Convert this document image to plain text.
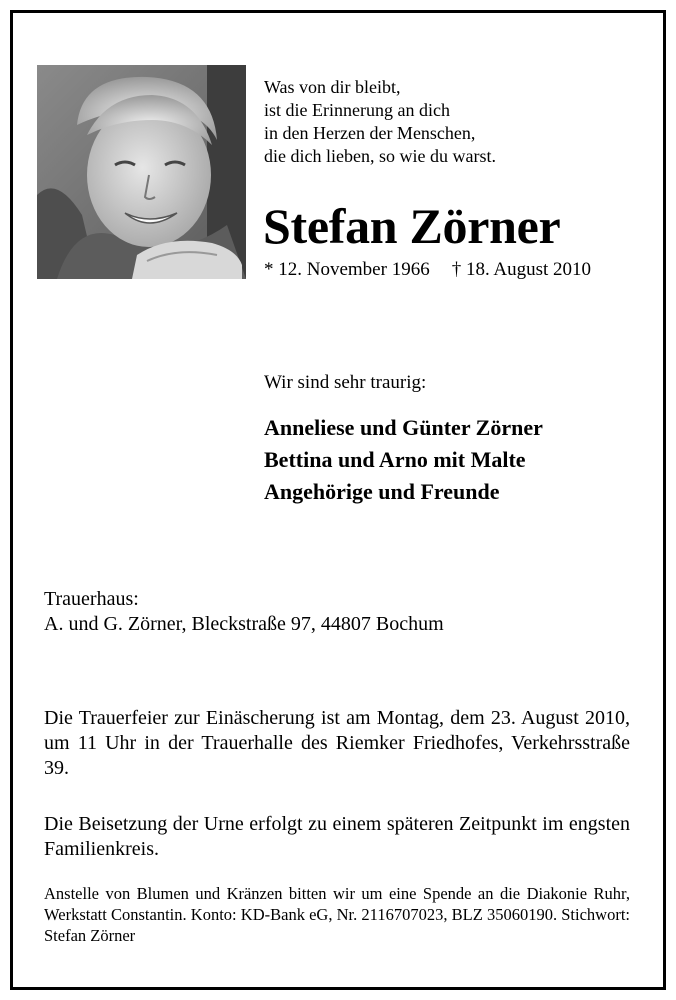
Was von dir bleibt,
ist die Erinnerung an dich
in den Herzen der Menschen,
die dich lieben, so wie du warst.
Stefan Zörner
* 12. November 1966 † 18. August 2010
Wir sind sehr traurig:
Anneliese und Günter Zörner
Bettina und Arno mit Malte
Angehörige und Freunde
Trauerhaus:
A. und G. Zörner, Bleckstraße 97, 44807 Bochum
Die Trauerfeier zur Einäscherung ist am Montag, dem 23. August 2010, um 11 Uhr in der Trauerhalle des Riemker Friedhofes, Verkehrsstraße 39.
Die Beisetzung der Urne erfolgt zu einem späteren Zeitpunkt im engsten Familienkreis.
Anstelle von Blumen und Kränzen bitten wir um eine Spende an die Diakonie Ruhr, Werkstatt Constantin. Konto: KD-Bank eG, Nr. 2116707023, BLZ 35060190. Stichwort: Stefan Zörner
